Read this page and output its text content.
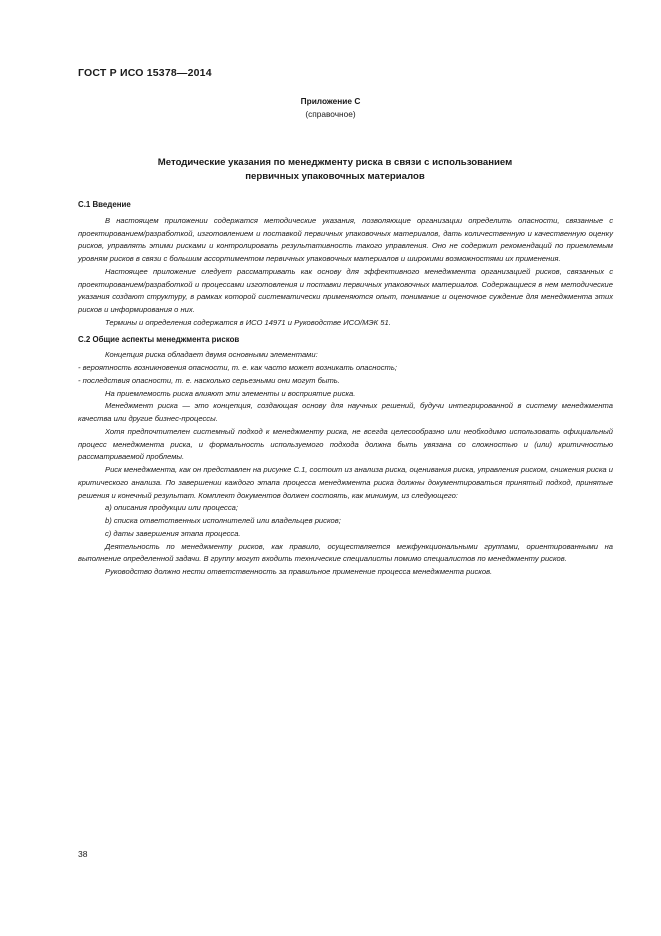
ГОСТ Р ИСО 15378—2014
Приложение C
(справочное)
Методические указания по менеджменту риска в связи с использованием
первичных упаковочных материалов

C.1 Введение

В настоящем приложении содержатся методические указания, позволяющие организации определить опасности, связанные с проектированием/разработкой, изготовлением и поставкой первичных упаковочных материалов, дать количественную и качественную оценку рисков, управлять этими рисками и контролировать результативность такого управления. Оно не содержит рекомендаций по приемлемым уровням рисков в связи с большим ассортиментом первичных упаковочных материалов и широкими возможностями их применения.

Настоящее приложение следует рассматривать как основу для эффективного менеджмента организацией рисков, связанных с проектированием/разработкой и процессами изготовления и поставки первичных упаковочных материалов. Содержащиеся в нем методические указания создают структуру, в рамках которой систематически применяются опыт, понимание и оценочное суждение для менеджмента этих рисков и информирования о них.

Термины и определения содержатся в ИСО 14971 и Руководстве ИСО/МЭК 51.

C.2 Общие аспекты менеджмента рисков

Концепция риска обладает двумя основными элементами:

- вероятность возникновения опасности, т. е. как часто может возникать опасность;

- последствия опасности, т. е. насколько серьезными они могут быть.

На приемлемость риска влияют эти элементы и восприятие риска.

Менеджмент риска — это концепция, создающая основу для научных решений, будучи интегрированной в систему менеджмента качества или другие бизнес-процессы.

Хотя предпочтителен системный подход к менеджменту риска, не всегда целесообразно или необходимо использовать официальный процесс менеджмента риска, и формальность используемого подхода должна быть увязана со сложностью и (или) критичностью рассматриваемой проблемы.

Риск менеджмента, как он представлен на рисунке C.1, состоит из анализа риска, оценивания риска, управления риском, снижения риска и критического анализа. По завершении каждого этапа процесса менеджмента риска должны документироваться принятый подход, принятые решения и конечный результат. Комплект документов должен состоять, как минимум, из следующего:

a) описания продукции или процесса;

b) списка ответственных исполнителей или владельцев рисков;

c) даты завершения этапа процесса.

Деятельность по менеджменту рисков, как правило, осуществляется межфункциональными группами, ориентированными на выполнение определенной задачи. В группу могут входить технические специалисты помимо специалистов по менеджменту рисков.

Руководство должно нести ответственность за правильное применение процесса менеджмента рисков.

38
